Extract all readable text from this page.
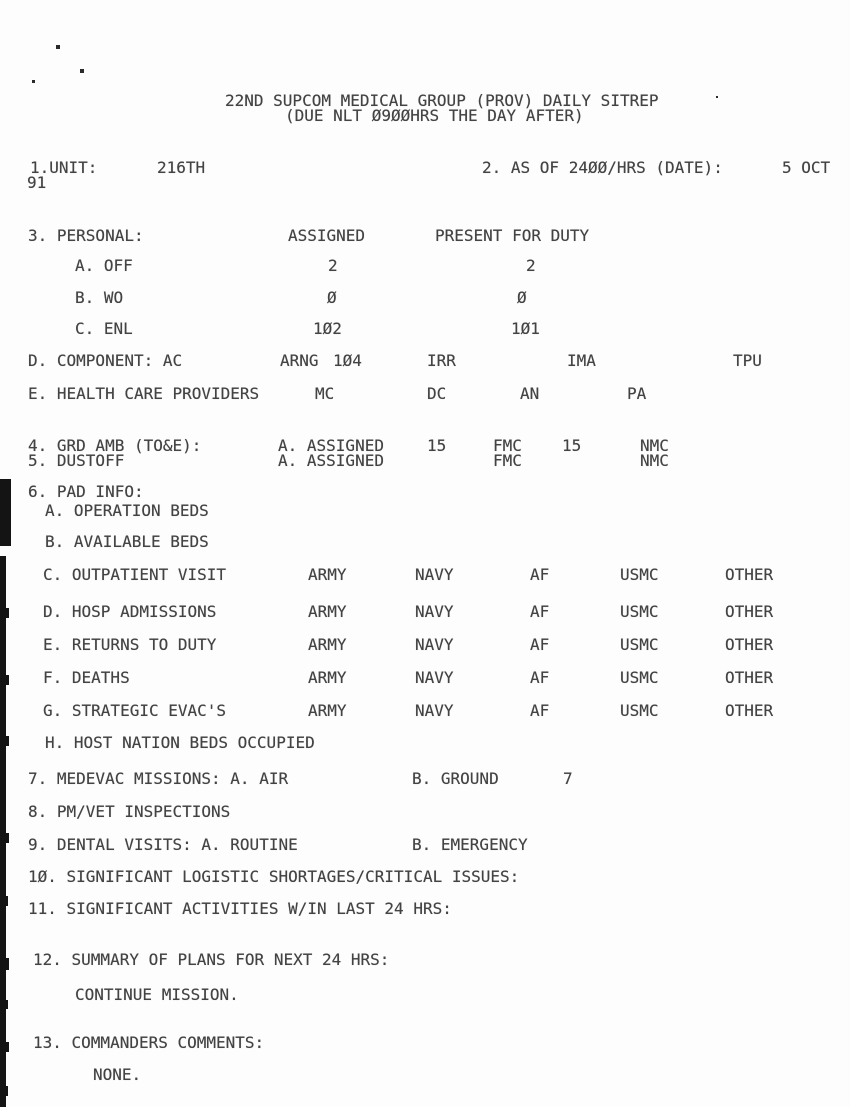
22ND SUPCOM MEDICAL GROUP (PROV) DAILY SITREP
(DUE NLT Ø9ØØHRS THE DAY AFTER)
1.UNIT:	216TH	2. AS OF 24ØØ/HRS (DATE):	5 OCT
91
3. PERSONAL:	ASSIGNED	PRESENT FOR DUTY
A. OFF	2	2
B. WO	Ø	Ø
C. ENL	1Ø2	1Ø1
D. COMPONENT: AC	ARNG 1Ø4	IRR	IMA	TPU
E. HEALTH CARE PROVIDERS	MC	DC	AN	PA
4. GRD AMB (TO&E):	A. ASSIGNED	15	FMC	15	NMC
5. DUSTOFF	A. ASSIGNED	FMC	NMC
6. PAD INFO:
A. OPERATION BEDS
B. AVAILABLE BEDS
C. OUTPATIENT VISIT	ARMY	NAVY	AF	USMC	OTHER
D. HOSP ADMISSIONS	ARMY	NAVY	AF	USMC	OTHER
E. RETURNS TO DUTY	ARMY	NAVY	AF	USMC	OTHER
F. DEATHS	ARMY	NAVY	AF	USMC	OTHER
G. STRATEGIC EVAC'S	ARMY	NAVY	AF	USMC	OTHER
H. HOST NATION BEDS OCCUPIED
7. MEDEVAC MISSIONS: A. AIR	B. GROUND	7
8. PM/VET INSPECTIONS
9. DENTAL VISITS: A. ROUTINE	B. EMERGENCY
1Ø. SIGNIFICANT LOGISTIC SHORTAGES/CRITICAL ISSUES:
11. SIGNIFICANT ACTIVITIES W/IN LAST 24 HRS:
12. SUMMARY OF PLANS FOR NEXT 24 HRS:
CONTINUE MISSION.
13. COMMANDERS COMMENTS:
NONE.
